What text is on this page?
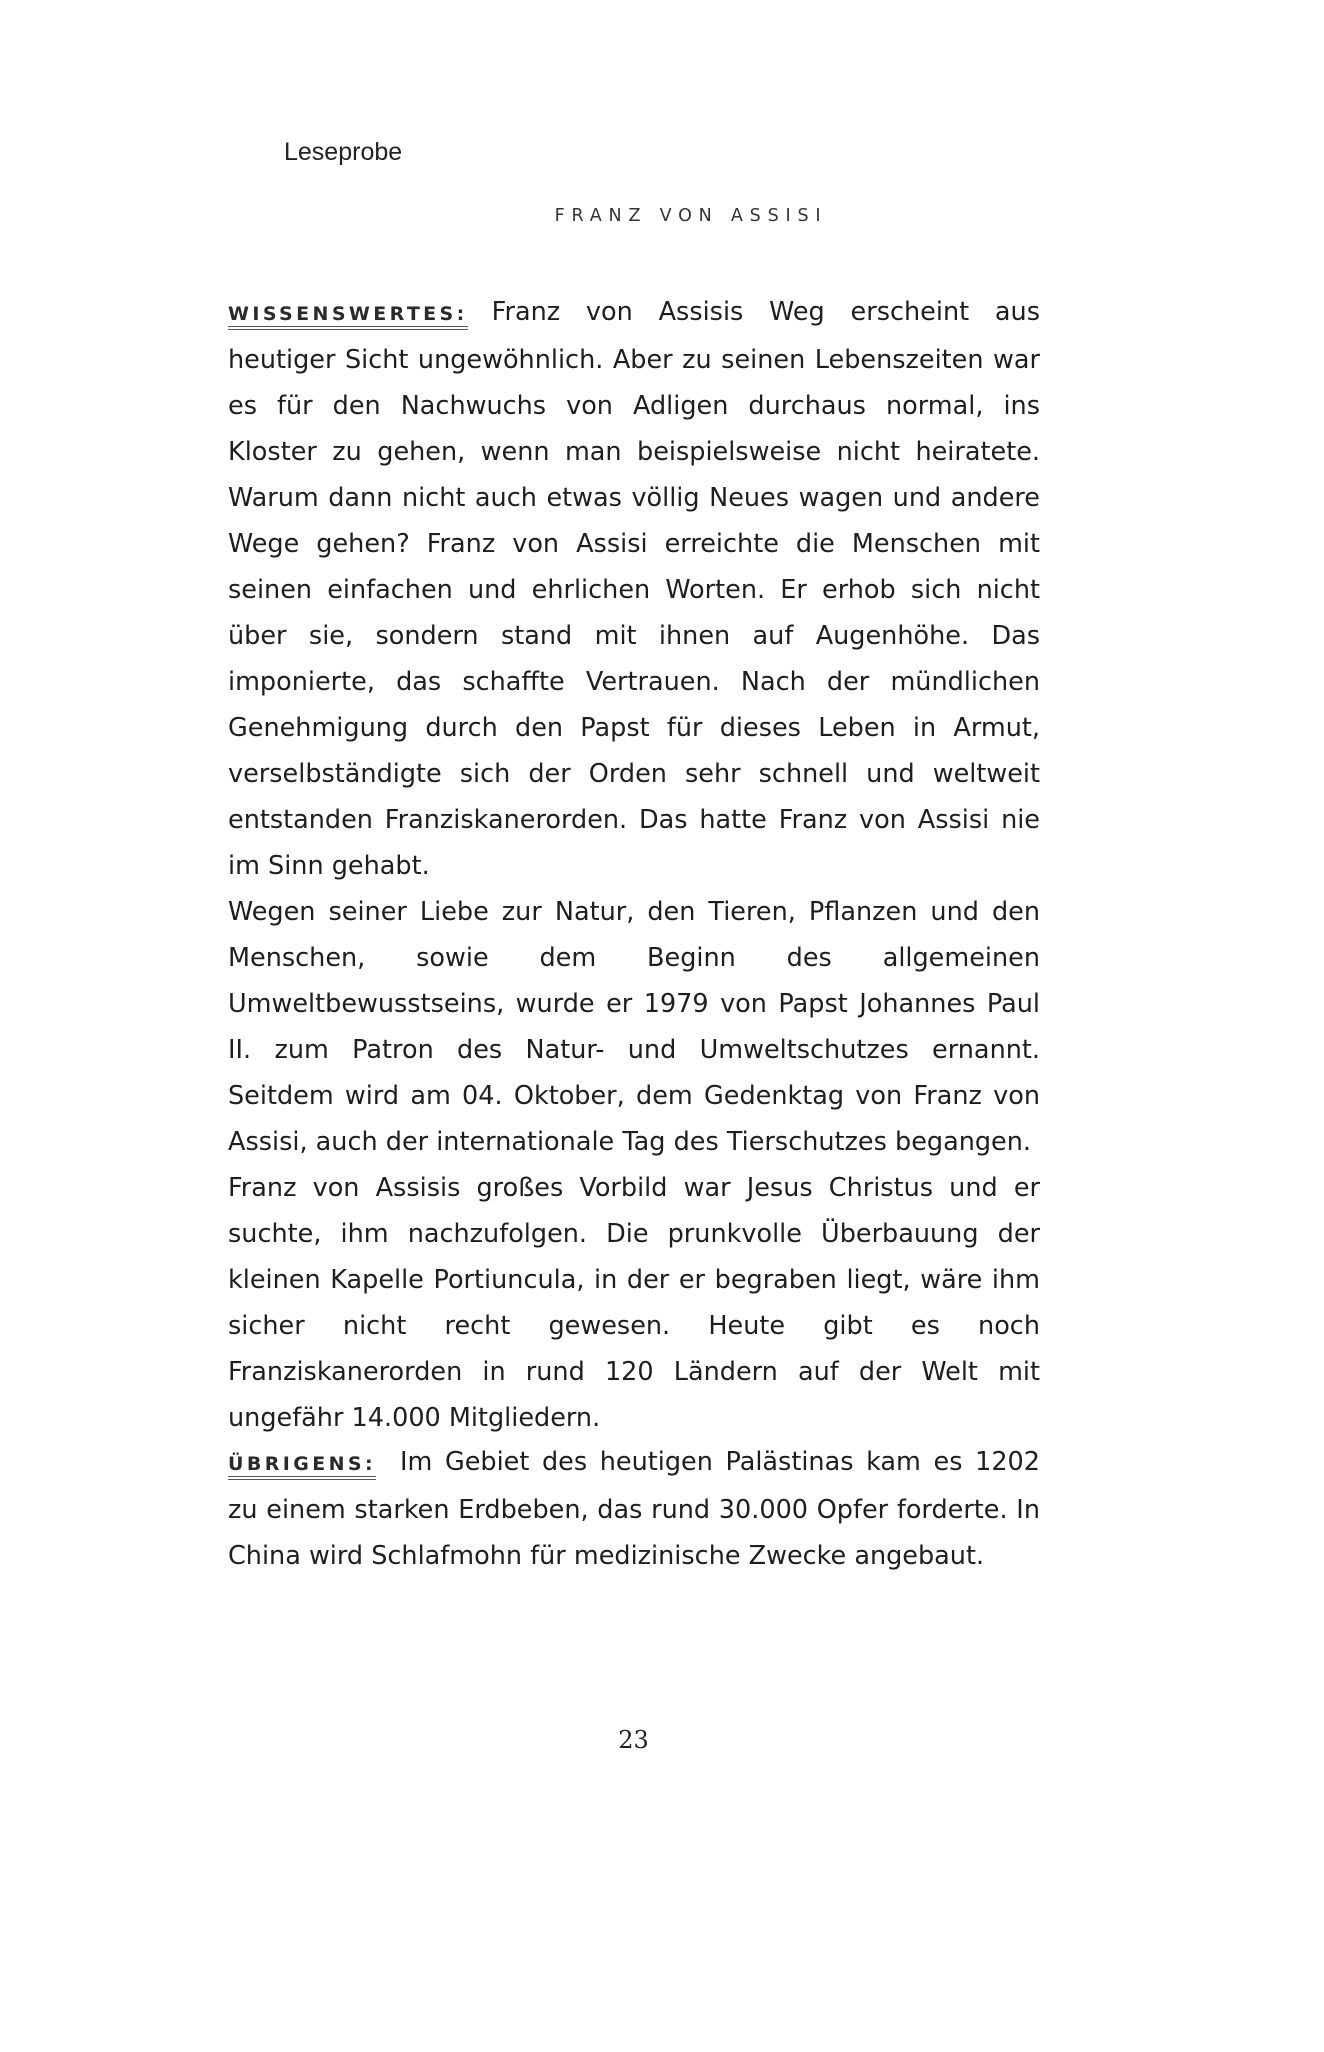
Leseprobe
FRANZ VON ASSISI

WISSENSWERTES: Franz von Assisis Weg erscheint aus heutiger Sicht ungewöhnlich. Aber zu seinen Lebenszeiten war es für den Nachwuchs von Adligen durchaus normal, ins Kloster zu gehen, wenn man beispielsweise nicht heiratete. Warum dann nicht auch etwas völlig Neues wagen und andere Wege gehen? Franz von Assisi erreichte die Menschen mit seinen einfachen und ehrlichen Worten. Er erhob sich nicht über sie, sondern stand mit ihnen auf Augenhöhe. Das imponierte, das schaffte Vertrauen. Nach der mündlichen Genehmigung durch den Papst für dieses Leben in Armut, verselbständigte sich der Orden sehr schnell und weltweit entstanden Franziskanerorden. Das hatte Franz von Assisi nie im Sinn gehabt.

Wegen seiner Liebe zur Natur, den Tieren, Pflanzen und den Menschen, sowie dem Beginn des allgemeinen Umweltbewusstseins, wurde er 1979 von Papst Johannes Paul II. zum Patron des Natur- und Umweltschutzes ernannt. Seitdem wird am 04. Oktober, dem Gedenktag von Franz von Assisi, auch der internationale Tag des Tierschutzes begangen.

Franz von Assisis großes Vorbild war Jesus Christus und er suchte, ihm nachzufolgen. Die prunkvolle Überbauung der kleinen Kapelle Portiuncula, in der er begraben liegt, wäre ihm sicher nicht recht gewesen. Heute gibt es noch Franziskanerorden in rund 120 Ländern auf der Welt mit ungefähr 14.000 Mitgliedern.

ÜBRIGENS: Im Gebiet des heutigen Palästinas kam es 1202 zu einem starken Erdbeben, das rund 30.000 Opfer forderte. In China wird Schlafmohn für medizinische Zwecke angebaut.

23
